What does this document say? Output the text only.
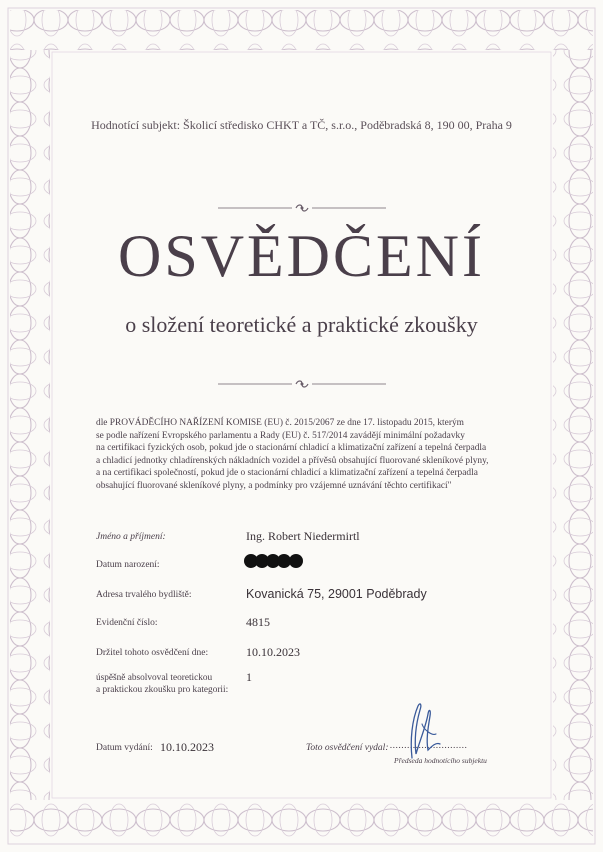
Hodnotící subjekt: Školicí středisko CHKT a TČ, s.r.o., Poděbradská 8, 190 00, Praha 9
OSVĚDČENÍ
o složení teoretické a praktické zkoušky
dle PROVÁDĚCÍHO NAŘÍZENÍ KOMISE (EU) č. 2015/2067 ze dne 17. listopadu 2015, kterým
se podle nařízení Evropského parlamentu a Rady (EU) č. 517/2014 zavádějí minimální požadavky
na certifikaci fyzických osob, pokud jde o stacionární chladicí a klimatizační zařízení a tepelná čerpadla
a chladicí jednotky chladírenských nákladních vozidel a přívěsů obsahující fluorované skleníkové plyny,
a na certifikaci společností, pokud jde o stacionární chladicí a klimatizační zařízení a tepelná čerpadla
obsahující fluorované skleníkové plyny, a podmínky pro vzájemné uznávání těchto certifikací"
Jméno a příjmení:	Ing. Robert Niedermirtl
Datum narození:
Adresa trvalého bydliště:	Kovanická 75, 29001 Poděbrady
Evidenční číslo:	4815
Držitel tohoto osvědčení dne:	10.10.2023
úspěšně absolvoval teoretickou
a praktickou zkoušku pro kategorii:
1
Datum vydání: 10.10.2023	Toto osvědčení vydal: ...........................
Předseda hodnotícího subjektu
